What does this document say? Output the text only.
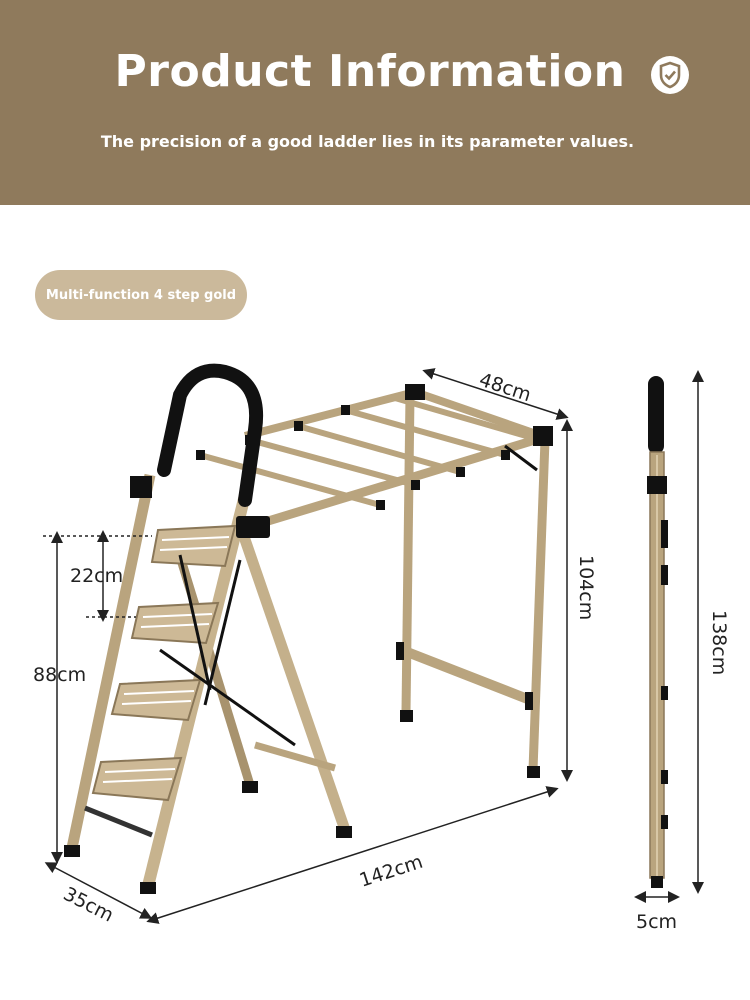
Product Information
The precision of a good ladder lies in its parameter values.
Multi-function 4 step gold
48cm
104cm
22cm
88cm
142cm
35cm
138cm
5cm
